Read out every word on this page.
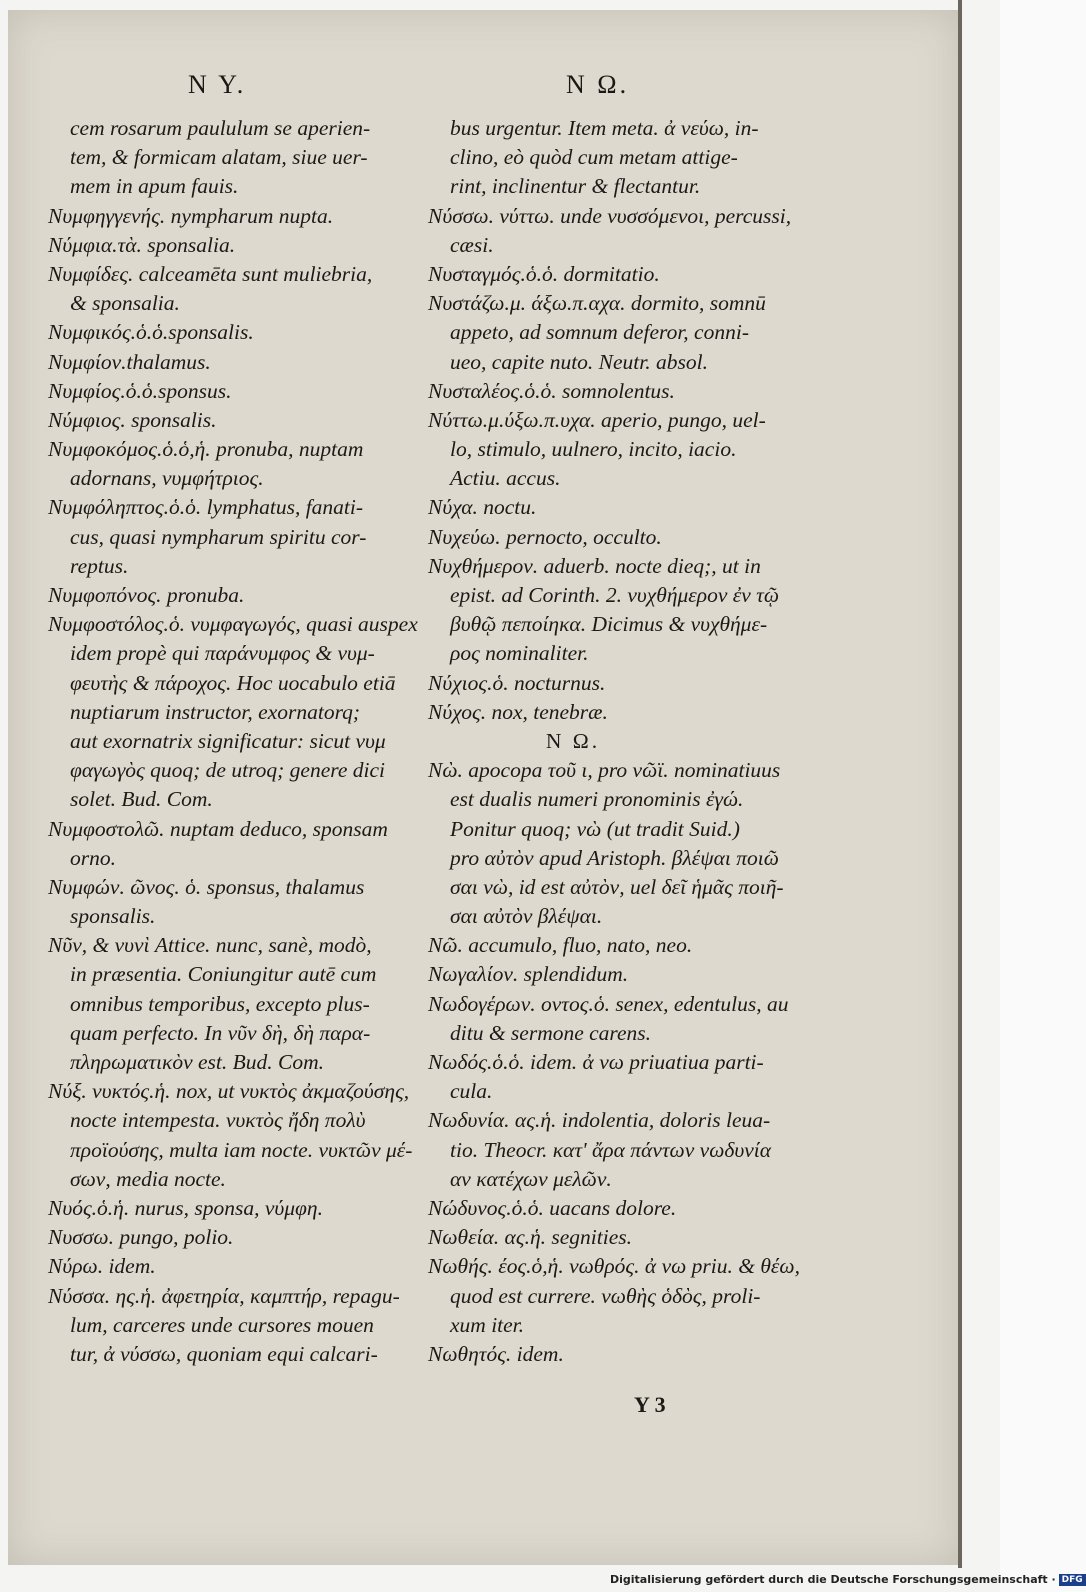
N Y.	N Ω.
cem rosarum paululum se aperien-
tem, & formicam alatam, siue uer-
mem in apum fauis.
Νυμφηγγενής. nympharum nupta.
Νύμφια.τὰ. sponsalia.
Νυμφίδες. calceamēta sunt muliebria,
& sponsalia.
Νυμφικός.ὁ.ὁ.sponsalis.
Νυμφίον.thalamus.
Νυμφίος.ὁ.ὁ.sponsus.
Νύμφιος. sponsalis.
Νυμφοκόμος.ὁ.ὁ,ἡ. pronuba, nuptam
adornans, νυμφήτριος.
Νυμφόληπτος.ὁ.ὁ. lymphatus, fanati-
cus, quasi nympharum spiritu cor-
reptus.
Νυμφοπόνος. pronuba.
Νυμφοστόλος.ὁ. νυμφαγωγός, quasi auspex
idem propè qui παράνυμφος & νυμ-
φευτὴς & πάροχος. Hoc uocabulo etiā
nuptiarum instructor, exornatorq;
aut exornatrix significatur: sicut νυμ
φαγωγὸς quoq; de utroq; genere dici
solet. Bud. Com.
Νυμφοστολῶ. nuptam deduco, sponsam
orno.
Νυμφών. ῶνος. ὁ. sponsus, thalamus
sponsalis.
Νῦν, & νυνὶ Attice. nunc, sanè, modò,
in præsentia. Coniungitur autē cum
omnibus temporibus, excepto plus-
quam perfecto. In νῦν δὴ, δὴ παρα-
πληρωματικὸν est. Bud. Com.
Νύξ. νυκτός.ἡ. nox, ut νυκτὸς ἀκμαζούσης,
nocte intempesta. νυκτὸς ἤδη πολὺ
προϊούσης, multa iam nocte. νυκτῶν μέ-
σων, media nocte.
Νυός.ὁ.ἡ. nurus, sponsa, νύμφη.
Νυσσω. pungo, polio.
Νύρω. idem.
Νύσσα. ης.ἡ. ἀφετηρία, καμπτήρ, repagu-
lum, carceres unde cursores mouen
tur, ἀ νύσσω, quoniam equi calcari-
bus urgentur. Item meta. ἀ νεύω, in-
clino, eò quòd cum metam attige-
rint, inclinentur & flectantur.
Νύσσω. νύττω. unde νυσσόμενοι, percussi,
cæsi.
Νυσταγμός.ὁ.ὁ. dormitatio.
Νυστάζω.μ. άξω.π.αχα. dormito, somnū
appeto, ad somnum deferor, conni-
ueo, capite nuto. Neutr. absol.
Νυσταλέος.ὁ.ὁ. somnolentus.
Νύττω.μ.ύξω.π.υχα. aperio, pungo, uel-
lo, stimulo, uulnero, incito, iacio.
Actiu. accus.
Νύχα. noctu.
Νυχεύω. pernocto, occulto.
Νυχθήμερον. aduerb. nocte dieq;, ut in
epist. ad Corinth. 2. νυχθήμερον ἐν τῷ
βυθῷ πεποίηκα. Dicimus & νυχθήμε-
ρος nominaliter.
Νύχιος.ὁ. nocturnus.
Νύχος. nox, tenebræ.
N Ω.
Νὼ. apocopa τοῦ ι, pro νῶϊ. nominatiuus
est dualis numeri pronominis ἐγώ.
Ponitur quoq; νὼ (ut tradit Suid.)
pro αὐτὸν apud Aristoph. βλέψαι ποιῶ
σαι νὼ, id est αὐτὸν, uel δεῖ ἡμᾶς ποιῆ-
σαι αὐτὸν βλέψαι.
Νῶ. accumulo, fluo, nato, neo.
Νωγαλίον. splendidum.
Νωδογέρων. οντος.ὁ. senex, edentulus, au
ditu & sermone carens.
Νωδός.ὁ.ὁ. idem. ἀ νω priuatiua parti-
cula.
Νωδυνία. ας.ἡ. indolentia, doloris leua-
tio. Theocr. κατ' ἄρα πάντων νωδυνία
αν κατέχων μελῶν.
Νώδυνος.ὁ.ὁ. uacans dolore.
Νωθεία. ας.ἡ. segnities.
Νωθής. έος.ὁ,ἡ. νωθρός. ἀ νω priu. & θέω,
quod est currere. νωθὴς ὁδὸς, proli-
xum iter.
Νωθητός. idem.
Y 3
Digitalisierung gefördert durch die Deutsche Forschungsgemeinschaft · DFG
